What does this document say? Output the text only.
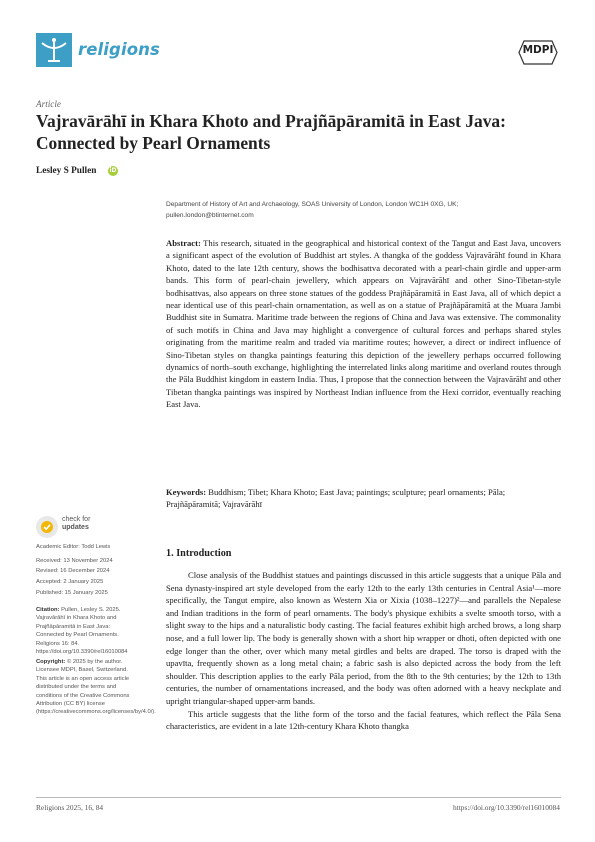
religions	MDPI
Article
Vajravārāhī in Khara Khoto and Prajñāpāramitā in East Java: Connected by Pearl Ornaments
Lesley S Pullen iD
Department of History of Art and Archaeology, SOAS University of London, London WC1H 0XG, UK;
pullen.london@btinternet.com
Abstract: This research, situated in the geographical and historical context of the Tangut and East Java, uncovers a significant aspect of the evolution of Buddhist art styles. A thangka of the goddess Vajravārāhī found in Khara Khoto, dated to the late 12th century, shows the bodhisattva decorated with a pearl-chain girdle and upper-arm bands. This form of pearl-chain jewellery, which appears on Vajravārāhī and other Sino-Tibetan-style bodhisattvas, also appears on three stone statues of the goddess Prajñāpāramitā in East Java, all of which depict a near identical use of this pearl-chain ornamentation, as well as on a statue of Prajñāpāramitā at the Muara Jambi Buddhist site in Sumatra. Maritime trade between the regions of China and Java was extensive. The commonality of such motifs in China and Java may highlight a convergence of cultural forces and perhaps shared styles originating from the maritime realm and traded via maritime routes; however, a direct or indirect influence of Sino-Tibetan styles on thangka paintings featuring this depiction of the jewellery perhaps occurred following dynamics of north–south exchange, highlighting the interrelated links along maritime and overland routes through the Pāla Buddhist kingdom in eastern India. Thus, I propose that the connection between the Vajravārāhī and other Tibetan thangka paintings was inspired by Northeast Indian influence from the Hexi corridor, eventually reaching East Java.
Keywords: Buddhism; Tibet; Khara Khoto; East Java; paintings; sculpture; pearl ornaments; Pāla; Prajñāpāramitā; Vajravārāhī
check for
updates
Academic Editor: Todd Lewis
Received: 13 November 2024
Revised: 16 December 2024
Accepted: 2 January 2025
Published: 15 January 2025
Citation: Pullen, Lesley S. 2025. Vajravārāhī in Khara Khoto and Prajñāpāramitā in East Java: Connected by Pearl Ornaments. Religions 16: 84. https://doi.org/10.3390/rel16010084
Copyright: © 2025 by the author. Licensee MDPI, Basel, Switzerland. This article is an open access article distributed under the terms and conditions of the Creative Commons Attribution (CC BY) license (https://creativecommons.org/licenses/by/4.0/).
1. Introduction

Close analysis of the Buddhist statues and paintings discussed in this article suggests that a unique Pāla and Sena dynasty-inspired art style developed from the early 12th to the early 13th centuries in Central Asia¹—more specifically, the Tangut empire, also known as Western Xia or Xixia (1038–1227)²—and parallels the Nepalese and Indian traditions in the form of pearl ornaments. The body's physique exhibits a svelte smooth torso, with a slight sway to the hips and a naturalistic body casting. The facial features exhibit high arched brows, a long sharp nose, and a full lower lip. The body is generally shown with a short hip wrapper or dhoti, often depicted with one edge longer than the other, over which many metal girdles and belts are draped. The torso is draped with the upavīta, frequently shown as a long metal chain; a fabric sash is also depicted across the body from the left shoulder. This description applies to the early Pāla period, from the 8th to the 9th centuries; by the 12th to 13th centuries, the number of ornamentations increased, and the body was often adorned with a heavy neckplate and upright triangular-shaped upper-arm bands.

This article suggests that the lithe form of the torso and the facial features, which reflect the Pāla Sena characteristics, are evident in a late 12th-century Khara Khoto thangka

Religions 2025, 16, 84	https://doi.org/10.3390/rel16010084
